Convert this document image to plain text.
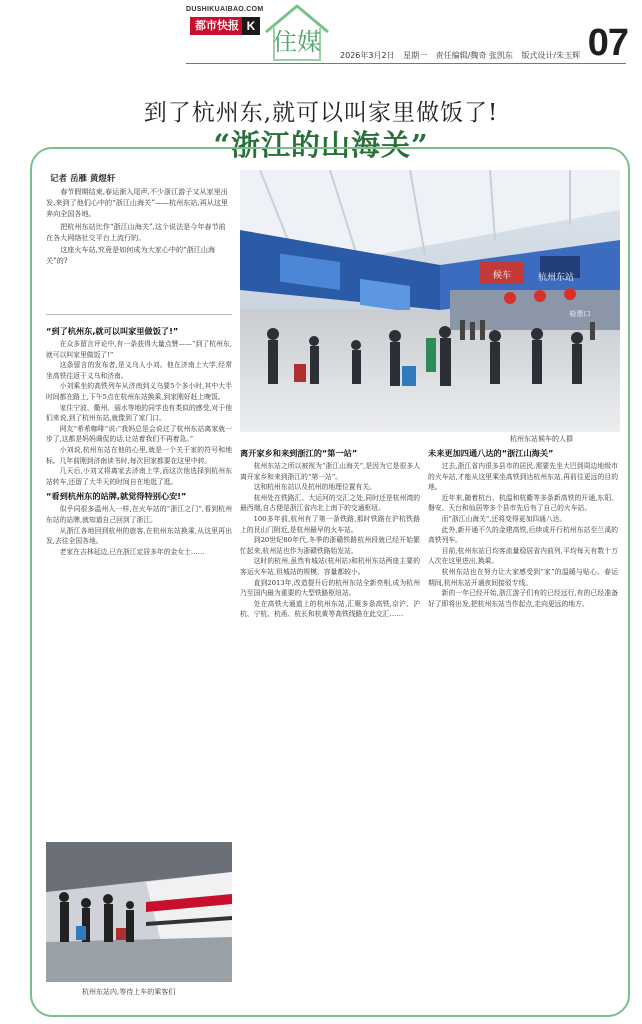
DUSHIKUAIBAO.COM
都市快报 K
住媒 2026年3月2日 星期一 责任编辑/魏奇 张凯东 版式设计/朱玉辉 07
到了杭州东,就可以叫家里做饭了!
“浙江的山海关”
记者 岳雁 黄煜轩

春节假期结束,春运渐入尾声,不少浙江游子又从家里出发,来到了他们心中的“浙江山海关”——杭州东站,再从这里奔向全国各地。

把杭州东站比作“浙江山海关”,这个说法是今年春节前在各大网络社交平台上流行的。

这座火车站,究竟是如何成为大家心中的“浙江山海关”的?

杭州东站
候车
检票口
杭州东站候车的人群
“到了杭州东,就可以叫家里做饭了!”

在众多留言评论中,有一条获得大量点赞——“到了杭州东,就可以叫家里做饭了!”

这条留言的发布者,是义乌人小刘。他在济南上大学,经常坐高铁往返于义乌和济南。

小刘乘坐的高铁列车从济南到义乌要5个多小时,其中大半时间都在路上,下午5点在杭州东站换乘,到家刚好赶上晚饭。

家住宁波、衢州、丽水等地的同学也有类似的感受,对于他们来说,到了杭州东站,就像到了家门口。

网友“希希咖啡”说:“我妈总是会说过了杭州东站离家就一步了,这都是妈妈调侃的话,让站着我们不再着急。”

小刘说,杭州东站在他的心里,就是一个关于家的符号和地标。几年前刚到济南读书时,每次回家都要在这里中转。

几天后,小刘又将离家去济南上学,而这次他选择到杭州东站转车,还留了大半天的时间自在地逛了逛。

“看到杭州东的站牌,就觉得特别心安!”

似乎同很多温州人一样,在火车站的“浙江之门”,看到杭州东站的站牌,就知道自己回到了浙江。

从浙江各地回到杭州的旅客,在杭州东站换乘,从这里再出发,去往全国各地。

老家在吉林延边,已在浙江定居多年的金女士……

杭州东站内,等待上车的乘客们
离开家乡和来到浙江的“第一站”

杭州东站之所以被视为“浙江山海关”,是因为它是很多人离开家乡和来到浙江的“第一站”。

这和杭州东站以及杭州的地理位置有关。

杭州处在铁路汇、大运河的交汇之处,同时还是杭州湾的最西端,自古便是浙江省内北上南下的交通枢纽。

100多年前,杭州有了第一条铁路,那时铁路在沪杭铁路上的艮山门附近,是杭州最早的火车站。

到20世纪80年代,冬季的浙赣铁路杭州段就已经开始繁忙起来,杭州站也作为浙赣铁路始发站。

这时的杭州,虽然有城站(杭州站)和杭州东站两座主要的客运火车站,但城站的规模、容量都较小。

直到2013年,改造提升后的杭州东站全新亮相,成为杭州乃至国内最为重要的大型铁路枢纽站。

处在高铁大通道上的杭州东站,汇聚多条高铁,京沪、沪杭、宁杭、杭甬、杭长和杭黄等高铁线路在此交汇……

未来更加四通八达的“浙江山海关”

过去,浙江省内很多县市的居民,需要先坐大巴到周边地级市的火车站,才能从这里乘坐高铁到达杭州东站,再前往更远的目的地。

近年来,随着杭台、杭温和杭衢等多条新高铁的开通,东阳、磐安、天台和仙居等多个县市先后有了自己的火车站。

而“浙江山海关”,还将变得更加四通八达。

此外,新开通不久的金建高铁,后续或开行杭州东站至兰溪的高铁列车。

目前,杭州东站日均客流量稳居省内前列,平均每天有数十万人次在这里进出,换乘。

杭州东站也在努力让大家感受到“家”的温暖与贴心。春运期间,杭州东站开通夜间接驳专线。

新的一年已经开始,浙江游子们有的已经远行,有的已经准备好了即将出发,把杭州东站当作起点,走向更远的地方。
